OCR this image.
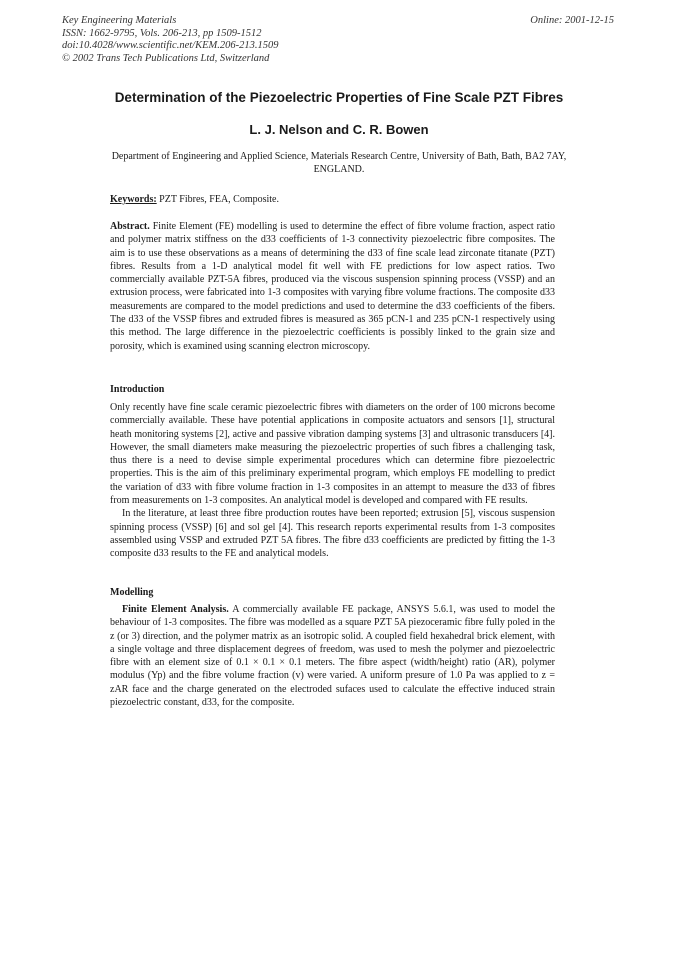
Key Engineering Materials
ISSN: 1662-9795, Vols. 206-213, pp 1509-1512
doi:10.4028/www.scientific.net/KEM.206-213.1509
© 2002 Trans Tech Publications Ltd, Switzerland
Online: 2001-12-15
Determination of the Piezoelectric Properties of Fine Scale PZT Fibres
L. J. Nelson and C. R. Bowen
Department of Engineering and Applied Science, Materials Research Centre, University of Bath, Bath, BA2 7AY, ENGLAND.
Keywords: PZT Fibres, FEA, Composite.
Abstract. Finite Element (FE) modelling is used to determine the effect of fibre volume fraction, aspect ratio and polymer matrix stiffness on the d33 coefficients of 1-3 connectivity piezoelectric fibre composites. The aim is to use these observations as a means of determining the d33 of fine scale lead zirconate titanate (PZT) fibres. Results from a 1-D analytical model fit well with FE predictions for low aspect ratios. Two commercially available PZT-5A fibres, produced via the viscous suspension spinning process (VSSP) and an extrusion process, were fabricated into 1-3 composites with varying fibre volume fractions. The composite d33 measurements are compared to the model predictions and used to determine the d33 coefficients of the fibers. The d33 of the VSSP fibres and extruded fibres is measured as 365 pCN-1 and 235 pCN-1 respectively using this method. The large difference in the piezoelectric coefficients is possibly linked to the grain size and porosity, which is examined using scanning electron microscopy.
Introduction

Only recently have fine scale ceramic piezoelectric fibres with diameters on the order of 100 microns become commercially available. These have potential applications in composite actuators and sensors [1], structural heath monitoring systems [2], active and passive vibration damping systems [3] and ultrasonic transducers [4]. However, the small diameters make measuring the piezoelectric properties of such fibres a challenging task, thus there is a need to devise simple experimental procedures which can determine fibre piezoelectric properties. This is the aim of this preliminary experimental program, which employs FE modelling to predict the variation of d33 with fibre volume fraction in 1-3 composites in an attempt to measure the d33 of fibres from measurements on 1-3 composites. An analytical model is developed and compared with FE results.

In the literature, at least three fibre production routes have been reported; extrusion [5], viscous suspension spinning process (VSSP) [6] and sol gel [4]. This research reports experimental results from 1-3 composites assembled using VSSP and extruded PZT 5A fibres. The fibre d33 coefficients are predicted by fitting the 1-3 composite d33 results to the FE and analytical models.

Modelling

Finite Element Analysis. A commercially available FE package, ANSYS 5.6.1, was used to model the behaviour of 1-3 composites. The fibre was modelled as a square PZT 5A piezoceramic fibre fully poled in the z (or 3) direction, and the polymer matrix as an isotropic solid. A coupled field hexahedral brick element, with a single voltage and three displacement degrees of freedom, was used to mesh the polymer and piezoelectric fibre with an element size of 0.1 × 0.1 × 0.1 meters. The fibre aspect (width/height) ratio (AR), polymer modulus (Yp) and the fibre volume fraction (v) were varied. A uniform presure of 1.0 Pa was applied to z = zAR face and the charge generated on the electroded sufaces used to calculate the effective induced strain piezoelectric constant, d33, for the composite.
